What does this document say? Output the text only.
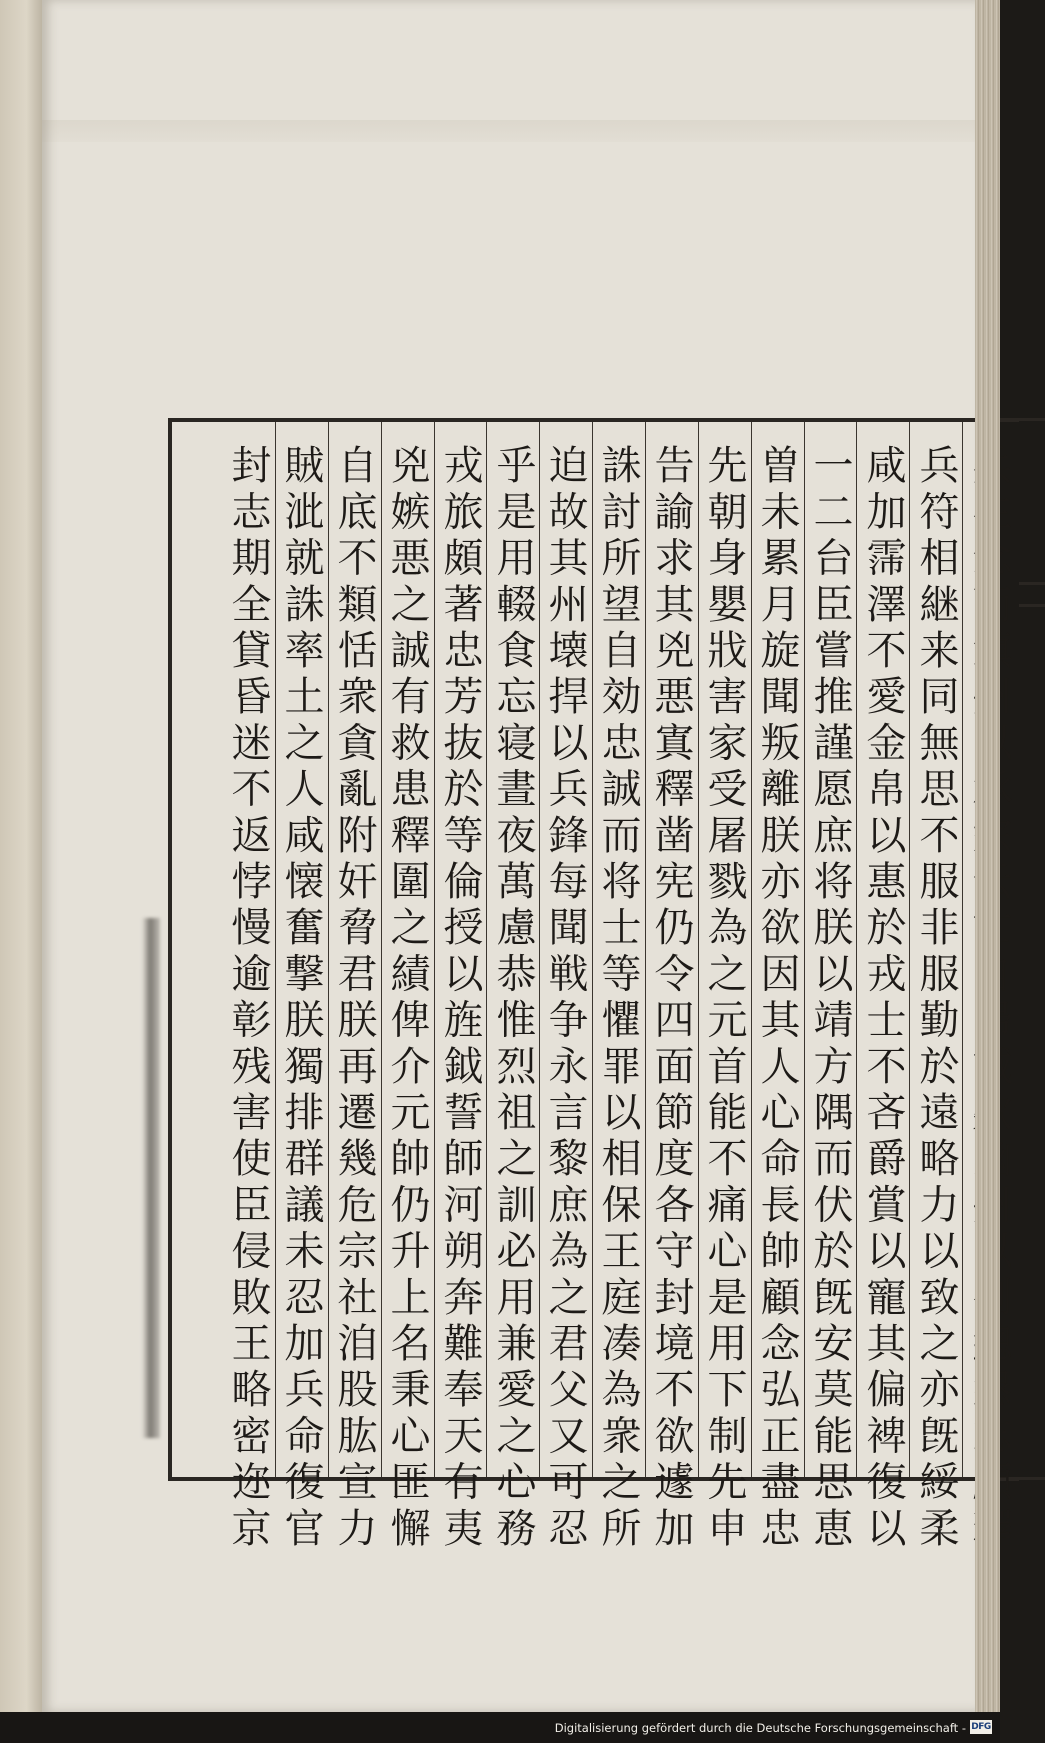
兵符相継来同無思不服非服勤於遠略力以致之亦旣綏柔
咸加霈澤不愛金帛以惠於戎士不吝爵賞以寵其偏裨復以
一二台臣嘗推謹愿庶将朕以靖方隅而伏於旣安莫能思恵
曽未累月旋聞叛離朕亦欲因其人心命長帥顧念弘正盡忠
先朝身嬰戕害家受屠戮為之元首能不痛心是用下制先申
告諭求其兇悪寘釋凿宪仍令四面節度各守封境不欲遽加
誅討所望自効忠誠而将士等懼罪以相保王庭凑為衆之所
迫故其州壊捍以兵鋒每聞戦争永言黎庶為之君父又可忍
乎是用輟食忘寝晝夜萬慮恭惟烈祖之訓必用兼愛之心務
戎旅頗著忠芳抜於等倫授以旌鉞誓師河朔奔難奉天有夷
兇嫉悪之誠有救患釋圍之績俾介元帥仍升上名秉心匪懈
自底不類恬衆貪亂附奸脅君朕再遷幾危宗社洎股肱宣力
賊泚就誅率土之人咸懐奮撃朕獨排群議未忍加兵命復官
封志期全貸昏迷不返悖慢逾彰残害使臣侵敗王略密迩京
Digitalisierung gefördert durch die Deutsche Forschungsgemeinschaft - DFG
